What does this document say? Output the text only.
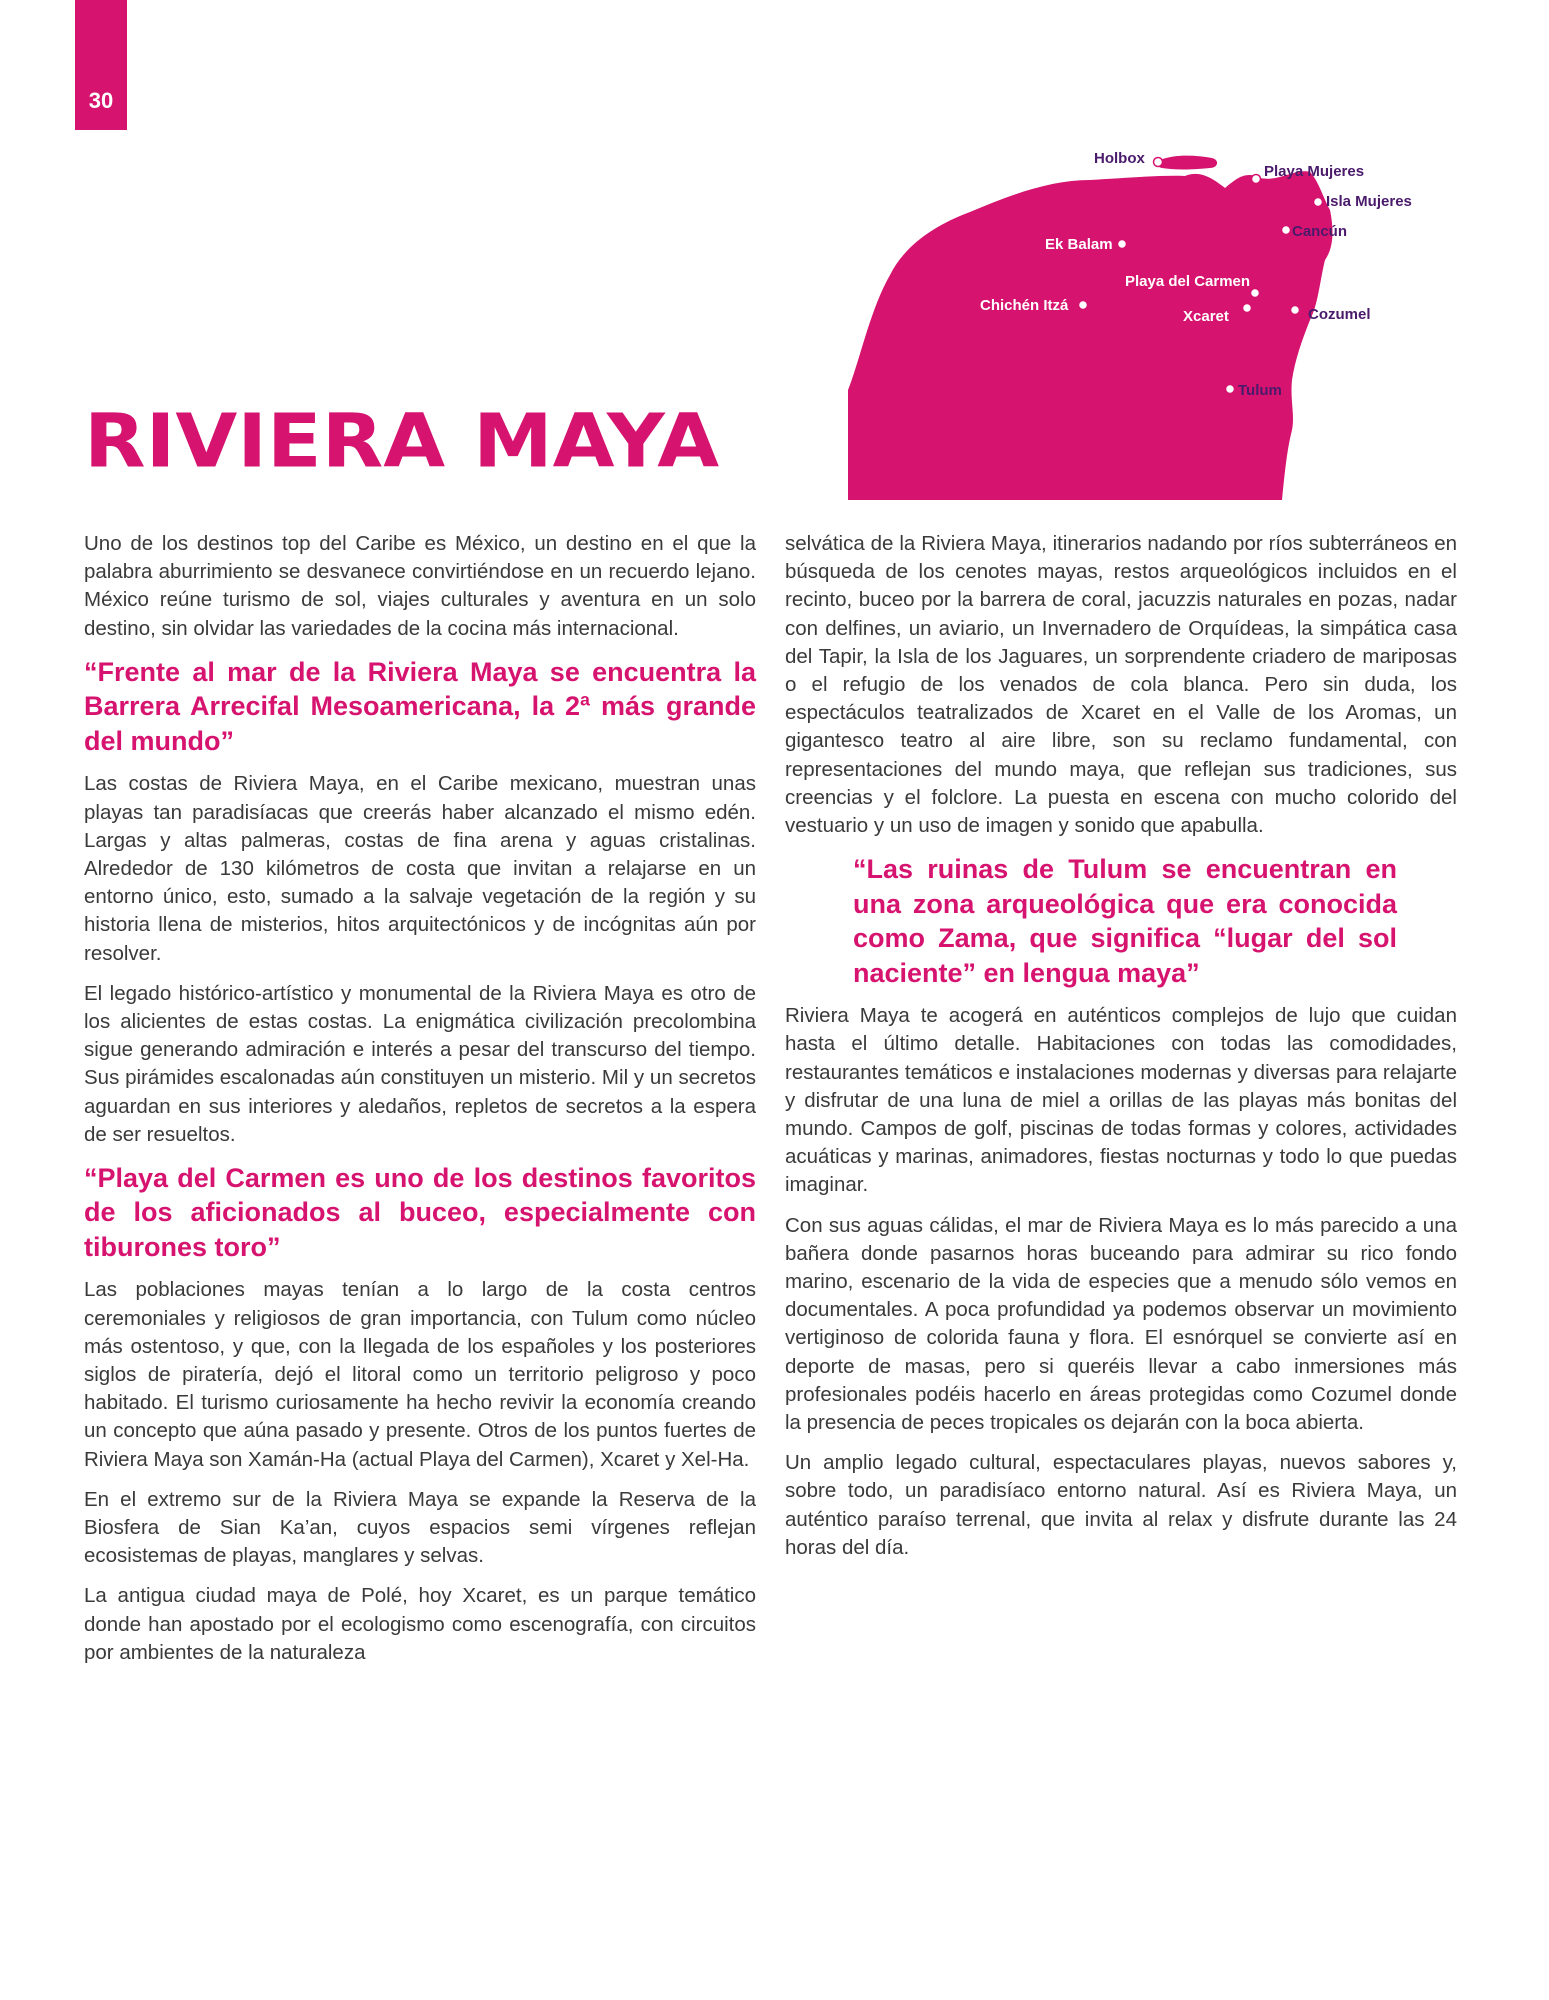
30
RIVIERA MAYA
Holbox
Playa Mujeres
Isla Mujeres
Cancún
Ek Balam
Playa del Carmen
Chichén Itzá
Xcaret	Cozumel
Tulum

Uno de los destinos top del Caribe es México, un destino en el que la palabra aburrimiento se desvanece convirtiéndose en un recuerdo lejano. México reúne turismo de sol, viajes culturales y aventura en un solo destino, sin olvidar las variedades de la cocina más internacional.

“Frente al mar de la Riviera Maya se encuentra la Barrera Arrecifal Mesoamericana, la 2ª más grande del mundo”

Las costas de Riviera Maya, en el Caribe mexicano, muestran unas playas tan paradisíacas que creerás haber alcanzado el mismo edén. Largas y altas palmeras, costas de fina arena y aguas cristalinas. Alrededor de 130 kilómetros de costa que invitan a relajarse en un entorno único, esto, sumado a la salvaje vegetación de la región y su historia llena de misterios, hitos arquitectónicos y de incógnitas aún por resolver.

El legado histórico-artístico y monumental de la Riviera Maya es otro de los alicientes de estas costas. La enigmática civilización precolombina sigue generando admiración e interés a pesar del transcurso del tiempo. Sus pirámides escalonadas aún constituyen un misterio. Mil y un secretos aguardan en sus interiores y aledaños, repletos de secretos a la espera de ser resueltos.

“Playa del Carmen es uno de los destinos favoritos de los aficionados al buceo, especialmente con tiburones toro”

Las poblaciones mayas tenían a lo largo de la costa centros ceremoniales y religiosos de gran importancia, con Tulum como núcleo más ostentoso, y que, con la llegada de los españoles y los posteriores siglos de piratería, dejó el litoral como un territorio peligroso y poco habitado. El turismo curiosamente ha hecho revivir la economía creando un concepto que aúna pasado y presente. Otros de los puntos fuertes de Riviera Maya son Xamán-Ha (actual Playa del Carmen), Xcaret y Xel-Ha.

En el extremo sur de la Riviera Maya se expande la Reserva de la Biosfera de Sian Ka’an, cuyos espacios semi vírgenes reflejan ecosistemas de playas, manglares y selvas.

La antigua ciudad maya de Polé, hoy Xcaret, es un parque temático donde han apostado por el ecologismo como escenografía, con circuitos por ambientes de la naturaleza

selvática de la Riviera Maya, itinerarios nadando por ríos subterráneos en búsqueda de los cenotes mayas, restos arqueológicos incluidos en el recinto, buceo por la barrera de coral, jacuzzis naturales en pozas, nadar con delfines, un aviario, un Invernadero de Orquídeas, la simpática casa del Tapir, la Isla de los Jaguares, un sorprendente criadero de mariposas o el refugio de los venados de cola blanca. Pero sin duda, los espectáculos teatralizados de Xcaret en el Valle de los Aromas, un gigantesco teatro al aire libre, son su reclamo fundamental, con representaciones del mundo maya, que reflejan sus tradiciones, sus creencias y el folclore. La puesta en escena con mucho colorido del vestuario y un uso de imagen y sonido que apabulla.

“Las ruinas de Tulum se encuentran en una zona arqueológica que era conocida como Zama, que significa “lugar del sol naciente” en lengua maya”

Riviera Maya te acogerá en auténticos complejos de lujo que cuidan hasta el último detalle. Habitaciones con todas las comodidades, restaurantes temáticos e instalaciones modernas y diversas para relajarte y disfrutar de una luna de miel a orillas de las playas más bonitas del mundo. Campos de golf, piscinas de todas formas y colores, actividades acuáticas y marinas, animadores, fiestas nocturnas y todo lo que puedas imaginar.

Con sus aguas cálidas, el mar de Riviera Maya es lo más parecido a una bañera donde pasarnos horas buceando para admirar su rico fondo marino, escenario de la vida de especies que a menudo sólo vemos en documentales. A poca profundidad ya podemos observar un movimiento vertiginoso de colorida fauna y flora. El esnórquel se convierte así en deporte de masas, pero si queréis llevar a cabo inmersiones más profesionales podéis hacerlo en áreas protegidas como Cozumel donde la presencia de peces tropicales os dejarán con la boca abierta.

Un amplio legado cultural, espectaculares playas, nuevos sabores y, sobre todo, un paradisíaco entorno natural. Así es Riviera Maya, un auténtico paraíso terrenal, que invita al relax y disfrute durante las 24 horas del día.
